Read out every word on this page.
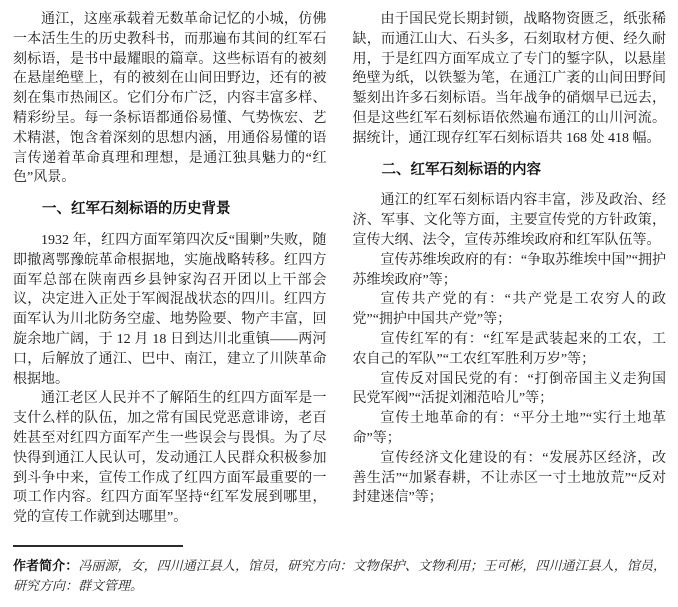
通江，这座承载着无数革命记忆的小城，仿佛一本活生生的历史教科书，而那遍布其间的红军石刻标语，是书中最耀眼的篇章。这些标语有的被刻在悬崖绝壁上，有的被刻在山间田野边，还有的被刻在集市热闹区。它们分布广泛，内容丰富多样、精彩纷呈。每一条标语都通俗易懂、气势恢宏、艺术精湛，饱含着深刻的思想内涵，用通俗易懂的语言传递着革命真理和理想，是通江独具魅力的“红色”风景。

一、红军石刻标语的历史背景

1932 年，红四方面军第四次反“围剿”失败，随即撤离鄂豫皖革命根据地，实施战略转移。红四方面军总部在陕南西乡县钟家沟召开团以上干部会议，决定进入正处于军阀混战状态的四川。红四方面军认为川北防务空虚、地势险要、物产丰富，回旋余地广阔，于 12 月 18 日到达川北重镇——两河口，后解放了通江、巴中、南江，建立了川陕革命根据地。

通江老区人民并不了解陌生的红四方面军是一支什么样的队伍，加之常有国民党恶意诽谤，老百姓甚至对红四方面军产生一些误会与畏惧。为了尽快得到通江人民认可，发动通江人民群众积极参加到斗争中来，宣传工作成了红四方面军最重要的一项工作内容。红四方面军坚持“红军发展到哪里，党的宣传工作就到达哪里”。

由于国民党长期封锁，战略物资匮乏，纸张稀缺，而通江山大、石头多，石刻取材方便、经久耐用，于是红四方面军成立了专门的錾字队，以悬崖绝壁为纸，以铁錾为笔，在通江广袤的山间田野间錾刻出许多石刻标语。当年战争的硝烟早已远去，但是这些红军石刻标语依然遍布通江的山川河流。据统计，通江现存红军石刻标语共 168 处 418 幅。

二、红军石刻标语的内容

通江的红军石刻标语内容丰富，涉及政治、经济、军事、文化等方面，主要宣传党的方针政策，宣传大纲、法令，宣传苏维埃政府和红军队伍等。

宣传苏维埃政府的有：“争取苏维埃中国”“拥护苏维埃政府”等；

宣传共产党的有：“共产党是工农穷人的政党”“拥护中国共产党”等；

宣传红军的有：“红军是武装起来的工农，工农自己的军队”“工农红军胜利万岁”等；

宣传反对国民党的有：“打倒帝国主义走狗国民党军阀”“活捉刘湘范哈儿”等；

宣传土地革命的有：“平分土地”“实行土地革命”等；

宣传经济文化建设的有：“发展苏区经济，改善生活”“加紧春耕，不让赤区一寸土地放荒”“反对封建迷信”等；

作者简介：冯丽源，女，四川通江县人，馆员，研究方向：文物保护、文物利用；王可彬，四川通江县人，馆员，研究方向：群文管理。
